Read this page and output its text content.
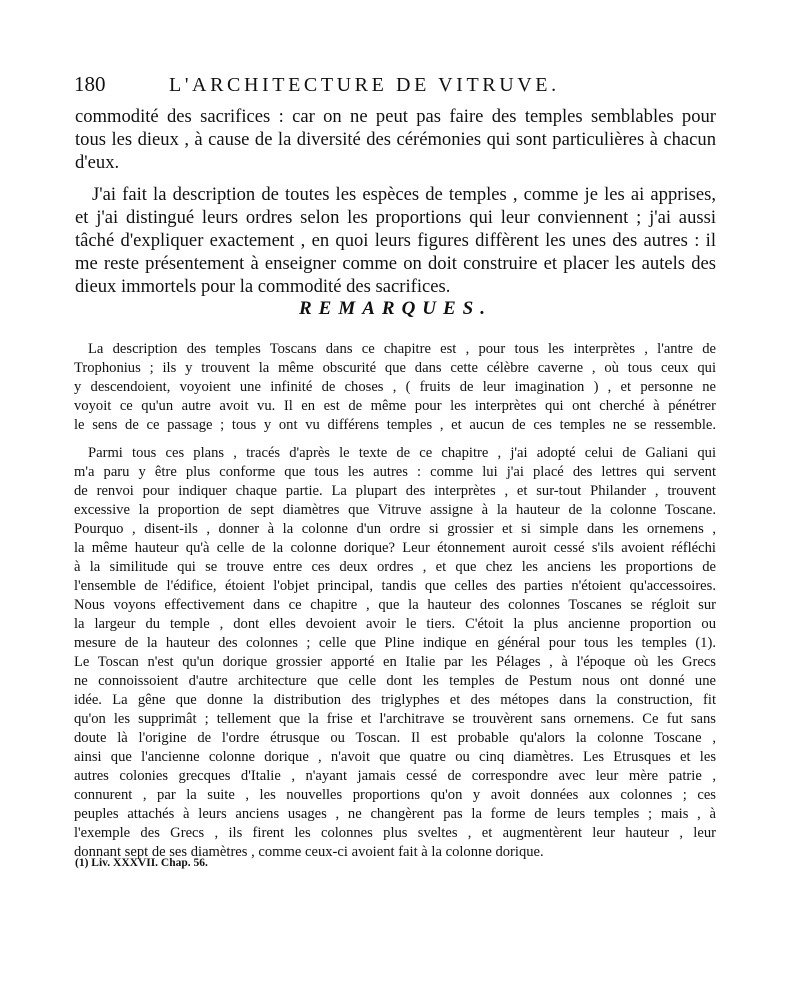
180	L'ARCHITECTURE DE VITRUVE.
commodité des sacrifices : car on ne peut pas faire des temples semblables pour
tous les dieux , à cause de la diversité des cérémonies qui sont particulières à chacun
d'eux.
J'ai fait la description de toutes les espèces de temples , comme je les ai apprises,
et j'ai distingué leurs ordres selon les proportions qui leur conviennent ; j'ai aussi
tâché d'expliquer exactement , en quoi leurs figures diffèrent les unes des autres : il
me reste présentement à enseigner comme on doit construire et placer les autels des
dieux immortels pour la commodité des sacrifices.
REMARQUES.
La description des temples Toscans dans ce chapitre est , pour tous les interprètes , l'antre de
Trophonius ; ils y trouvent la même obscurité que dans cette célèbre caverne , où tous ceux qui
y descendoient, voyoient une infinité de choses , ( fruits de leur imagination ) , et personne ne
voyoit ce qu'un autre avoit vu. Il en est de même pour les interprètes qui ont cherché à pénétrer
le sens de ce passage ; tous y ont vu différens temples , et aucun de ces temples ne se ressemble.
Parmi tous ces plans , tracés d'après le texte de ce chapitre , j'ai adopté celui de Galiani qui
m'a paru y être plus conforme que tous les autres : comme lui j'ai placé des lettres qui servent
de renvoi pour indiquer chaque partie. La plupart des interprètes , et sur-tout Philander , trouvent
excessive la proportion de sept diamètres que Vitruve assigne à la hauteur de la colonne Toscane.
Pourquo , disent-ils , donner à la colonne d'un ordre si grossier et si simple dans les ornemens ,
la même hauteur qu'à celle de la colonne dorique? Leur étonnement auroit cessé s'ils avoient réfléchi
à la similitude qui se trouve entre ces deux ordres , et que chez les anciens les proportions de
l'ensemble de l'édifice, étoient l'objet principal, tandis que celles des parties n'étoient qu'accessoires.
Nous voyons effectivement dans ce chapitre , que la hauteur des colonnes Toscanes se régloit sur
la largeur du temple , dont elles devoient avoir le tiers. C'étoit la plus ancienne proportion ou
mesure de la hauteur des colonnes ; celle que Pline indique en général pour tous les temples (1).
Le Toscan n'est qu'un dorique grossier apporté en Italie par les Pélages , à l'époque où les Grecs
ne connoissoient d'autre architecture que celle dont les temples de Pestum nous ont donné une
idée. La gêne que donne la distribution des triglyphes et des métopes dans la construction, fit
qu'on les supprimât ; tellement que la frise et l'architrave se trouvèrent sans ornemens. Ce fut sans
doute là l'origine de l'ordre étrusque ou Toscan. Il est probable qu'alors la colonne Toscane ,
ainsi que l'ancienne colonne dorique , n'avoit que quatre ou cinq diamètres. Les Etrusques et les
autres colonies grecques d'Italie , n'ayant jamais cessé de correspondre avec leur mère patrie ,
connurent , par la suite , les nouvelles proportions qu'on y avoit données aux colonnes ; ces
peuples attachés à leurs anciens usages , ne changèrent pas la forme de leurs temples ; mais , à
l'exemple des Grecs , ils firent les colonnes plus sveltes , et augmentèrent leur hauteur , leur
donnant sept de ses diamètres , comme ceux-ci avoient fait à la colonne dorique.
(1) Liv. XXXVII. Chap. 56.
